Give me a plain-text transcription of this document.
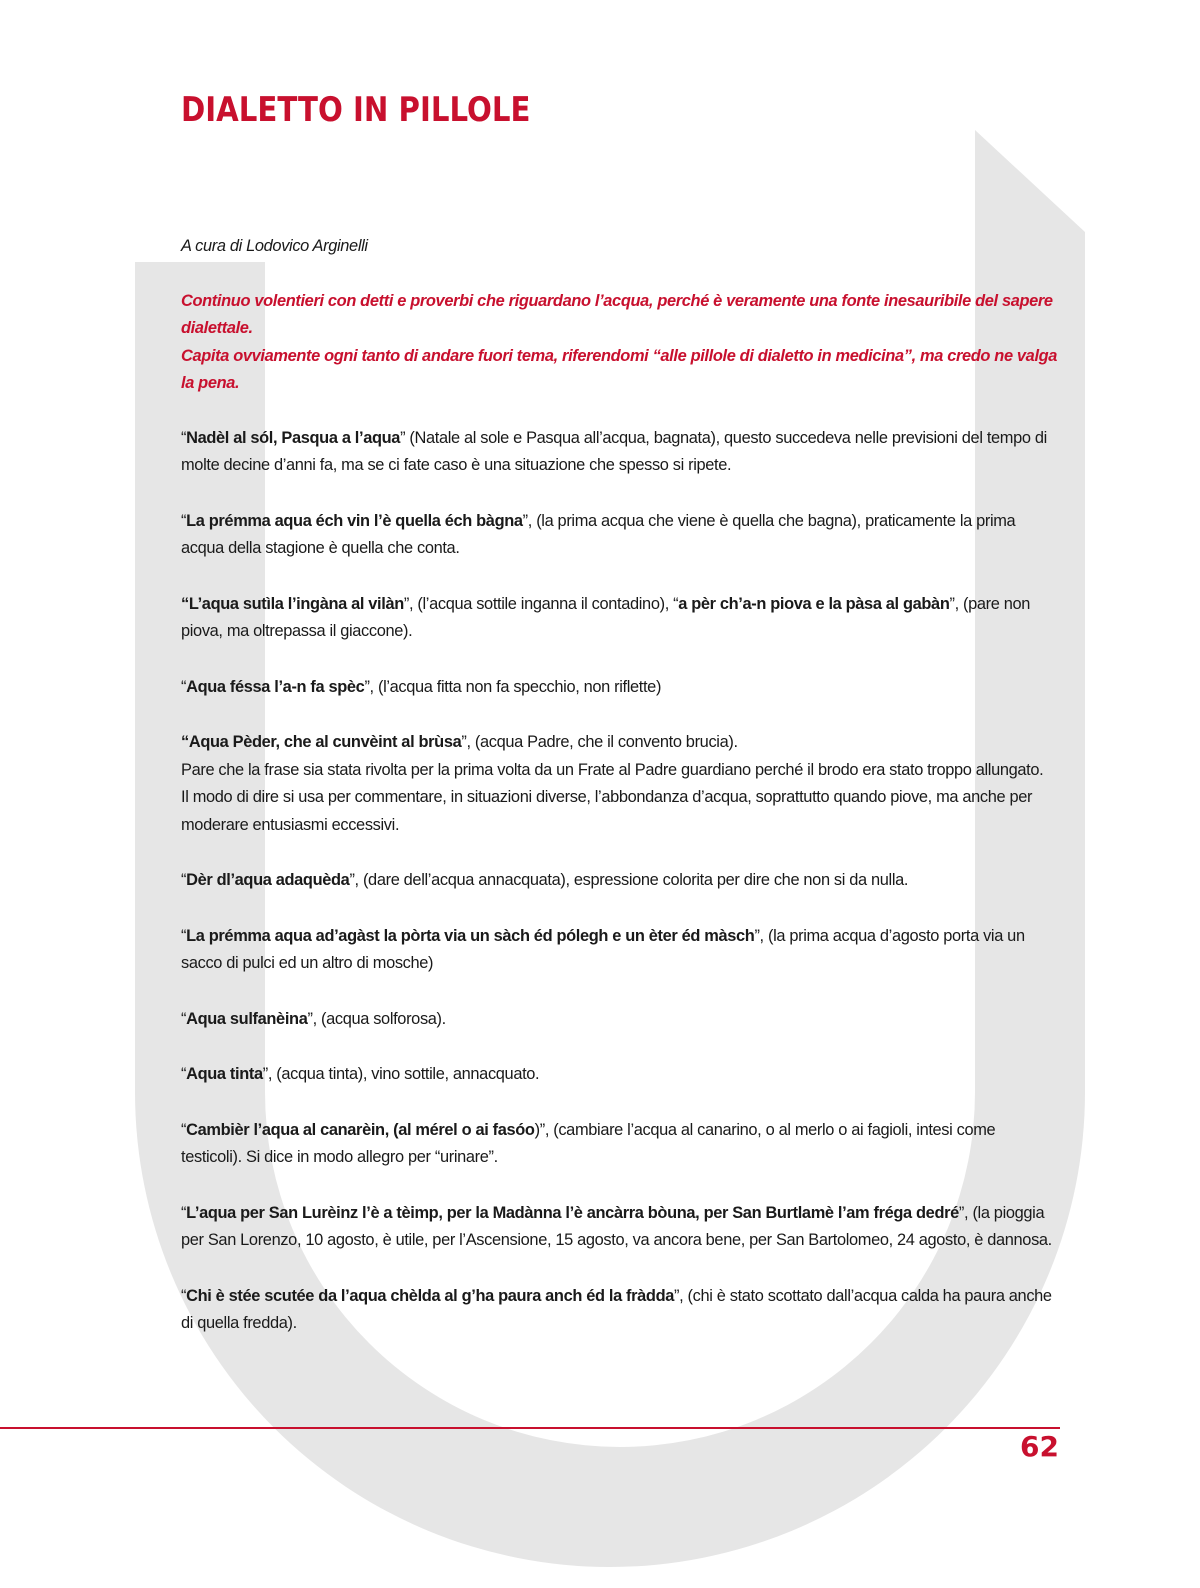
DIALETTO IN PILLOLE

A cura di Lodovico Arginelli

Continuo volentieri con detti e proverbi che riguardano l’acqua, perché è veramente una fonte inesauribile del sapere dialettale.

Capita ovviamente ogni tanto di andare fuori tema, riferendomi “alle pillole di dialetto in medicina”, ma credo ne valga la pena.

“Nadèl al sól, Pasqua a l’aqua” (Natale al sole e Pasqua all’acqua, bagnata), questo succedeva nelle previsioni del tempo di molte decine d’anni fa, ma se ci fate caso è una situazione che spesso si ripete.

“La prémma aqua éch vin l’è quella éch bàgna”, (la prima acqua che viene è quella che bagna), praticamente la prima acqua della stagione è quella che conta.

“L’aqua sutìla l’ingàna al vilàn”, (l’acqua sottile inganna il contadino), “a pèr ch’a-n piova e la pàsa al gabàn”, (pare non piova, ma oltrepassa il giaccone).

“Aqua féssa l’a-n fa spèc”, (l’acqua fitta non fa specchio, non riflette)

“Aqua Pèder, che al cunvèint al brùsa”, (acqua Padre, che il convento brucia).
Pare che la frase sia stata rivolta per la prima volta da un Frate al Padre guardiano perché il brodo era stato troppo allungato.
Il modo di dire si usa per commentare, in situazioni diverse, l’abbondanza d’acqua, soprattutto quando piove, ma anche per moderare entusiasmi eccessivi.

“Dèr dl’aqua adaquèda”, (dare dell’acqua annacquata), espressione colorita per dire che non si da nulla.

“La prémma aqua ad’agàst la pòrta via un sàch éd pólegh e un èter éd màsch”, (la prima acqua d’agosto porta via un sacco di pulci ed un altro di mosche)

“Aqua sulfanèina”, (acqua solforosa).

“Aqua tinta”, (acqua tinta), vino sottile, annacquato.

“Cambièr l’aqua al canarèin, (al mérel o ai fasóo)”, (cambiare l’acqua al canarino, o al merlo o ai fagioli, intesi come testicoli). Si dice in modo allegro per “urinare”.

“L’aqua per San Lurèinz l’è a tèimp, per la Madànna l’è ancàrra bòuna, per San Burtlamè l’am fréga dedré”, (la pioggia per San Lorenzo, 10 agosto, è utile, per l’Ascensione, 15 agosto, va ancora bene, per San Bartolomeo, 24 agosto, è dannosa.

“Chi è stée scutée da l’aqua chèlda al g’ha paura anch éd la fràdda”, (chi è stato scottato dall’acqua calda ha paura anche di quella fredda).

62
